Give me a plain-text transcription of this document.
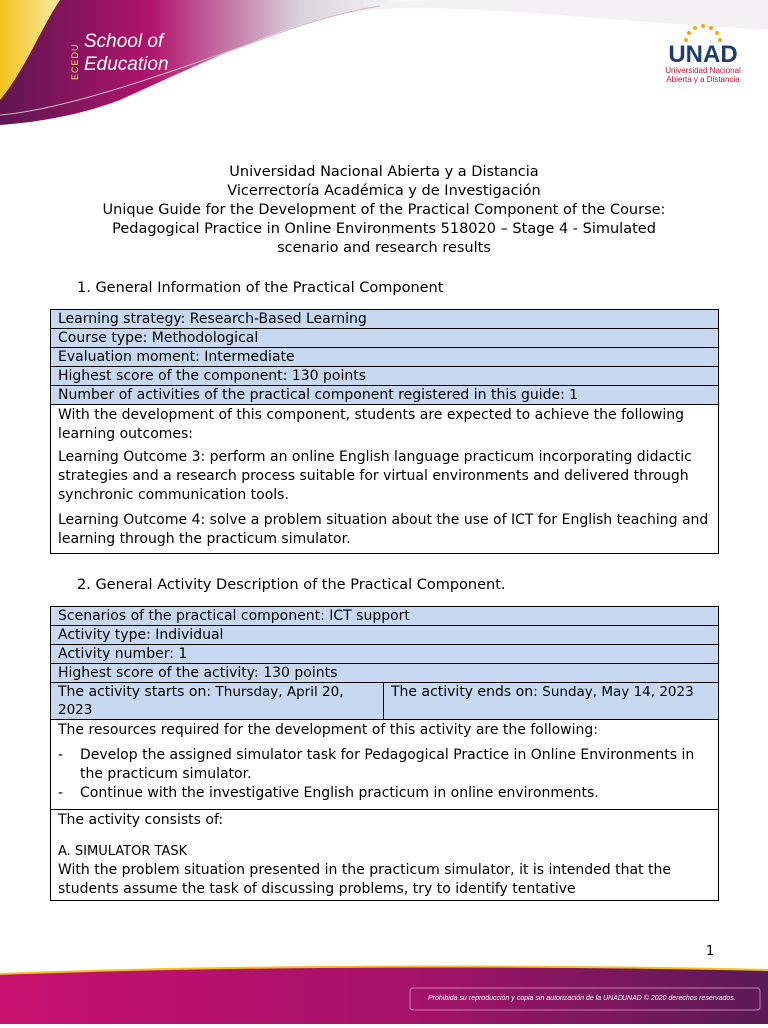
ECEDU
School of
Education	UNAD
Universidad Nacional
Abierta y a Distancia
Universidad Nacional Abierta y a Distancia
Vicerrectoría Académica y de Investigación
Unique Guide for the Development of the Practical Component of the Course:
Pedagogical Practice in Online Environments 518020 – Stage 4 - Simulated
scenario and research results
1. General Information of the Practical Component
Learning strategy: Research-Based Learning
Course type: Methodological
Evaluation moment: Intermediate
Highest score of the component: 130 points
Number of activities of the practical component registered in this guide: 1

With the development of this component, students are expected to achieve the following learning outcomes:

Learning Outcome 3: perform an online English language practicum incorporating didactic strategies and a research process suitable for virtual environments and delivered through synchronic communication tools.

Learning Outcome 4: solve a problem situation about the use of ICT for English teaching and learning through the practicum simulator.

2. General Activity Description of the Practical Component.
Scenarios of the practical component: ICT support
Activity type: Individual
Activity number: 1
Highest score of the activity: 130 points
The activity starts on: Thursday, April 20, 2023	The activity ends on: Sunday, May 14, 2023

The resources required for the development of this activity are the following:
- Develop the assigned simulator task for Pedagogical Practice in Online Environments in the practicum simulator.
- Continue with the investigative English practicum in online environments.

The activity consists of:
A. SIMULATOR TASK
With the problem situation presented in the practicum simulator, it is intended that the students assume the task of discussing problems, try to identify tentative
1
Prohibida su reproducción y copia sin autorización de la UNAD.
UNAD © 2020 derechos reservados.
